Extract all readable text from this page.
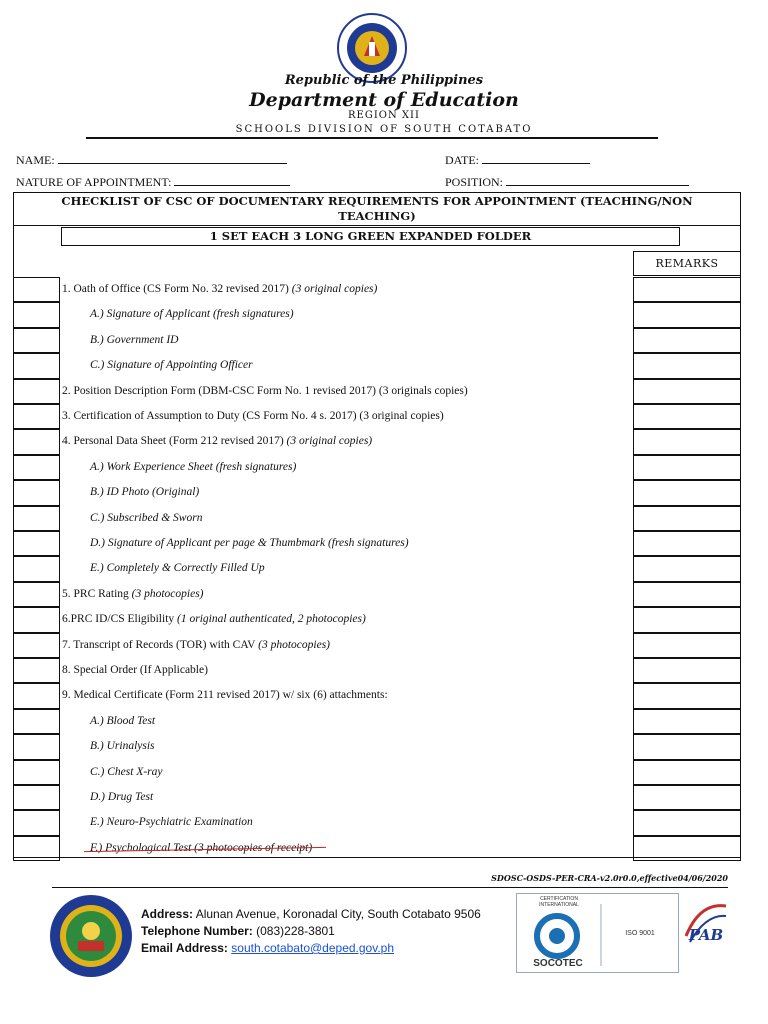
Republic of the Philippines
Department of Education
REGION XII
SCHOOLS DIVISION OF SOUTH COTABATO
NAME:	DATE:
NATURE OF APPOINTMENT:	POSITION:
CHECKLIST OF CSC OF DOCUMENTARY REQUIREMENTS FOR APPOINTMENT (TEACHING/NON
TEACHING)
1 SET EACH 3 LONG GREEN EXPANDED FOLDER
REMARKS
1. Oath of Office (CS Form No. 32 revised 2017) (3 original copies)
A.) Signature of Applicant (fresh signatures)
B.) Government ID
C.) Signature of Appointing Officer
2. Position Description Form (DBM-CSC Form No. 1 revised 2017) (3 originals copies)
3. Certification of Assumption to Duty (CS Form No. 4 s. 2017) (3 original copies)
4. Personal Data Sheet (Form 212 revised 2017) (3 original copies)
A.) Work Experience Sheet (fresh signatures)
B.) ID Photo (Original)
C.) Subscribed & Sworn
D.) Signature of Applicant per page & Thumbmark (fresh signatures)
E.) Completely & Correctly Filled Up
5. PRC Rating (3 photocopies)
6.PRC ID/CS Eligibility (1 original authenticated, 2 photocopies)
7. Transcript of Records (TOR) with CAV (3 photocopies)
8. Special Order (If Applicable)
9. Medical Certificate (Form 211 revised 2017) w/ six (6) attachments:
A.) Blood Test
B.) Urinalysis
C.) Chest X-ray
D.) Drug Test
E.) Neuro-Psychiatric Examination
F.) Psychological Test (3 photocopies of receipt)
SDOSC-OSDS-PER-CRA-v2.0r0.0,effective04/06/2020
Address: Alunan Avenue, Koronadal City, South Cotabato 9506
Telephone Number: (083)228-3801
Email Address: south.cotabato@deped.gov.ph
SOCOTEC
CERTIFICATION INTERNATIONAL
ISO 9001	PAB
